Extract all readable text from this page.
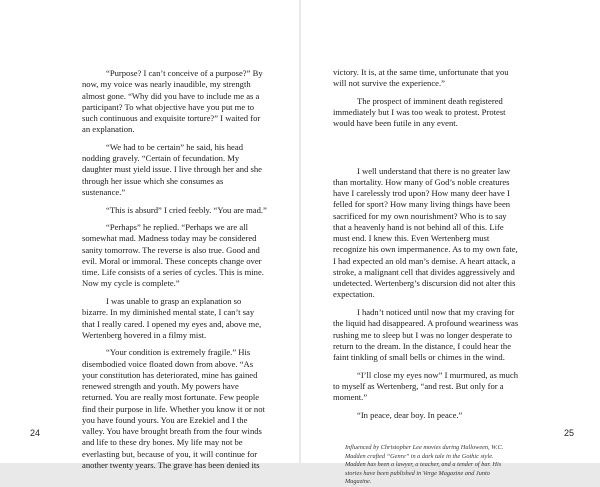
“Purpose? I can’t conceive of a purpose?” By now, my voice was nearly inaudible, my strength almost gone. “Why did you have to include me as a participant? To what objective have you put me to such continuous and exquisite torture?” I waited for an explanation.

“We had to be certain” he said, his head nodding gravely. “Certain of fecundation. My daughter must yield issue. I live through her and she through her issue which she consumes as sustenance.”

“This is absurd” I cried feebly. “You are mad.”

“Perhaps” he replied. “Perhaps we are all somewhat mad. Madness today may be considered sanity tomorrow. The reverse is also true. Good and evil. Moral or immoral. These concepts change over time. Life consists of a series of cycles. This is mine. Now my cycle is complete.”

I was unable to grasp an explanation so bizarre. In my diminished mental state, I can’t say that I really cared. I opened my eyes and, above me, Wertenberg hovered in a filmy mist.

“Your condition is extremely fragile.” His disembodied voice floated down from above. “As your constitution has deteriorated, mine has gained renewed strength and youth. My powers have returned. You are really most fortunate. Few people find their purpose in life. Whether you know it or not you have found yours. You are Ezekiel and I the valley. You have brought breath from the four winds and life to these dry bones. My life may not be everlasting but, because of you, it will continue for another twenty years. The grave has been denied its

24

victory. It is, at the same time, unfortunate that you will not survive the experience.”

The prospect of imminent death registered immediately but I was too weak to protest. Protest would have been futile in any event.

I well understand that there is no greater law than mortality. How many of God’s noble creatures have I carelessly trod upon? How many deer have I felled for sport? How many living things have been sacrificed for my own nourishment? Who is to say that a heavenly hand is not behind all of this. Life must end. I knew this. Even Wertenberg must recognize his own impermanence. As to my own fate, I had expected an old man’s demise. A heart attack, a stroke, a malignant cell that divides aggressively and undetected. Wertenberg’s discursion did not alter this expectation.

I hadn’t noticed until now that my craving for the liquid had disappeared. A profound weariness was rushing me to sleep but I was no longer desperate to return to the dream. In the distance, I could hear the faint tinkling of small bells or chimes in the wind.

“I’ll close my eyes now” I murmured, as much to myself as Wertenberg, “and rest. But only for a moment.”

“In peace, dear boy. In peace.”

Influenced by Christopher Lee movies during Halloween, W.C. Madden crafted “Genre” in a dark tale in the Gothic style. Madden has been a lawyer, a teacher, and a tender of bar. His stories have been published in Verge Magazine and Junto Magazine.

25
